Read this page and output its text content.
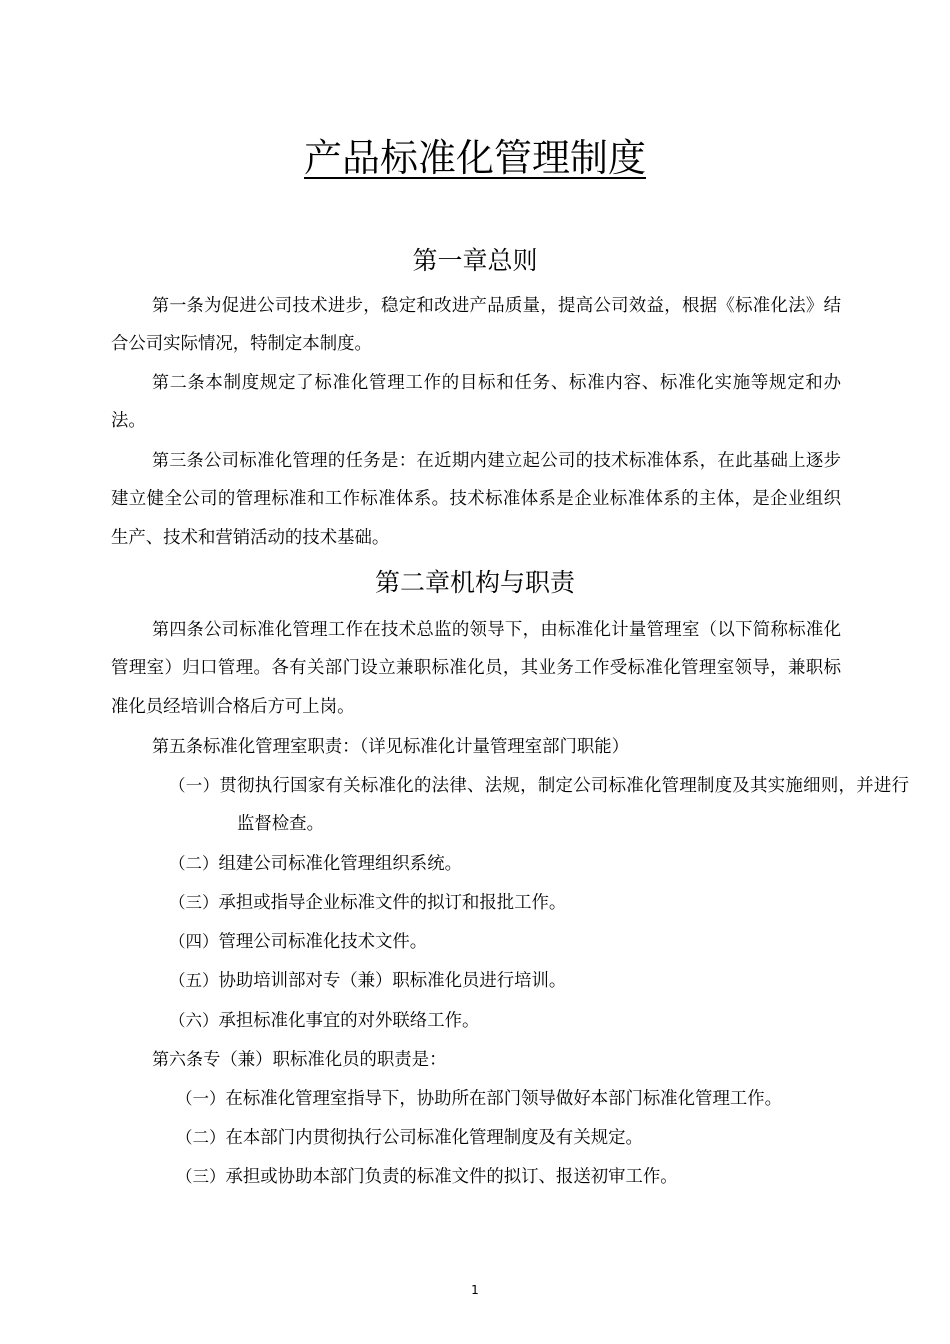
产品标准化管理制度
第一章总则

第一条为促进公司技术进步，稳定和改进产品质量，提高公司效益，根据《标准化法》结合公司实际情况，特制定本制度。

第二条本制度规定了标准化管理工作的目标和任务、标准内容、标准化实施等规定和办法。

第三条公司标准化管理的任务是：在近期内建立起公司的技术标准体系，在此基础上逐步建立健全公司的管理标准和工作标准体系。技术标准体系是企业标准体系的主体，是企业组织生产、技术和营销活动的技术基础。

第二章机构与职责

第四条公司标准化管理工作在技术总监的领导下，由标准化计量管理室（以下简称标准化管理室）归口管理。各有关部门设立兼职标准化员，其业务工作受标准化管理室领导，兼职标准化员经培训合格后方可上岗。

第五条标准化管理室职责：（详见标准化计量管理室部门职能）

（一）贯彻执行国家有关标准化的法律、法规，制定公司标准化管理制度及其实施细则，并进行监督检查。

（二）组建公司标准化管理组织系统。

（三）承担或指导企业标准文件的拟订和报批工作。

（四）管理公司标准化技术文件。

（五）协助培训部对专（兼）职标准化员进行培训。

（六）承担标准化事宜的对外联络工作。

第六条专（兼）职标准化员的职责是：

（一）在标准化管理室指导下，协助所在部门领导做好本部门标准化管理工作。

（二）在本部门内贯彻执行公司标准化管理制度及有关规定。

（三）承担或协助本部门负责的标准文件的拟订、报送初审工作。

1
